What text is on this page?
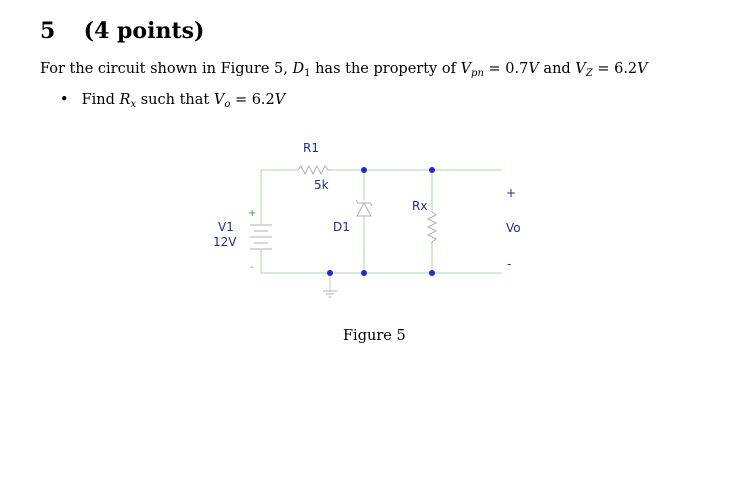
5 (4 points)
For the circuit shown in Figure 5, $D_1$ has the property of $V_{pn} = 0.7V$ and $V_Z = 6.2V$
• Find $R_x$ such that $V_o = 6.2V$
R1
5k
D1
Rx
V1
12V
+
-
+
Vo
-
Figure 5
